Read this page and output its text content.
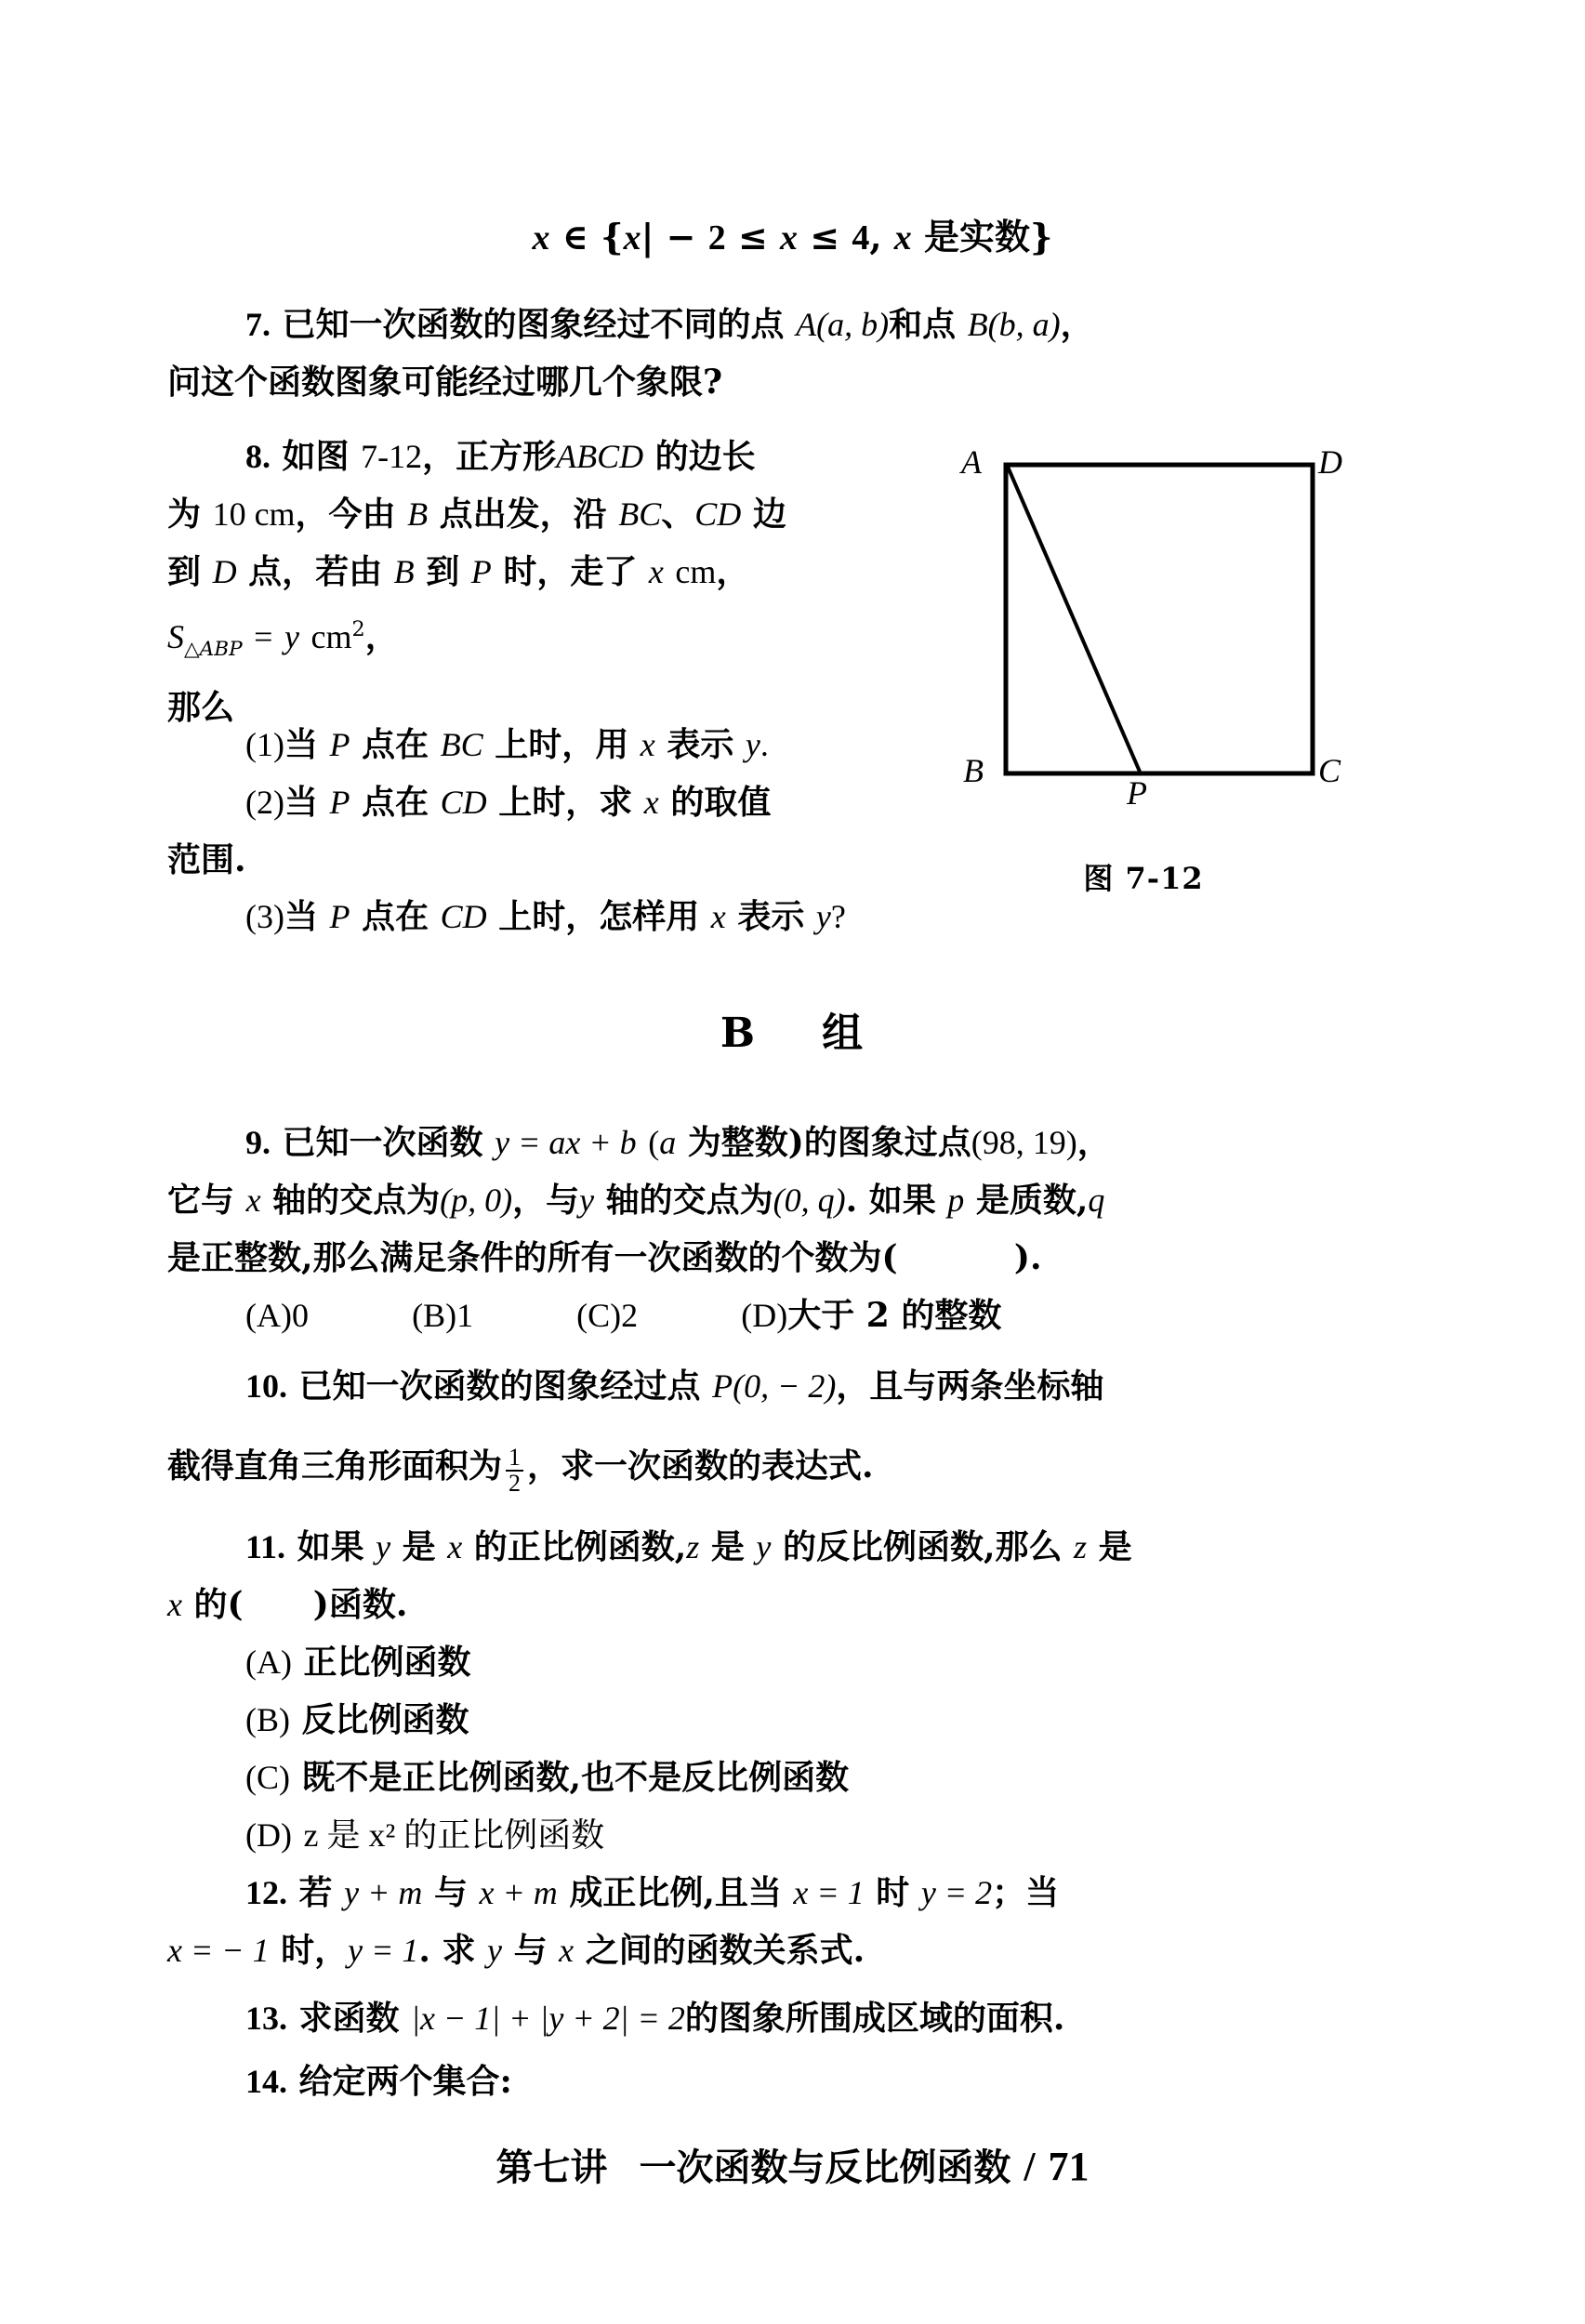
x ∈ {x| − 2 ≤ x ≤ 4, x 是实数}
7. 已知一次函数的图象经过不同的点 A(a, b)和点 B(b, a)，
问这个函数图象可能经过哪几个象限?
8. 如图 7-12，正方形ABCD 的边长
为 10 cm，今由 B 点出发，沿 BC、CD 边
到 D 点，若由 B 到 P 时，走了 x cm，
$S_{\triangle ABP} = y$ $cm^2$，
那么
(1)当 P 点在 BC 上时，用 x 表示 y.
(2)当 P 点在 CD 上时，求 x 的取值
范围.
(3)当 P 点在 CD 上时，怎样用 x 表示 y?
A	D
B	C
P
图 7-12
B 组
9. 已知一次函数 y = ax + b (a 为整数)的图象过点(98, 19)，
它与 x 轴的交点为(p, 0)，与y 轴的交点为(0, q). 如果 p 是质数,q
是正整数,那么满足条件的所有一次函数的个数为(	).
(A)0	(B)1	(C)2	(D)大于 2 的整数
10. 已知一次函数的图象经过点 P(0, − 2)，且与两条坐标轴
截得直角三角形面积为 $\frac{1}{2}$ ，求一次函数的表达式.
11. 如果 y 是 x 的正比例函数,z 是 y 的反比例函数,那么 z 是
x 的( )函数.
(A) 正比例函数
(B) 反比例函数
(C) 既不是正比例函数,也不是反比例函数
(D) z 是 x² 的正比例函数
12. 若 y + m 与 x + m 成正比例,且当 x = 1 时 y = 2；当
x = − 1 时，y = 1. 求 y 与 x 之间的函数关系式.
13. 求函数 |x − 1| + |y + 2| = 2的图象所围成区域的面积.
14. 给定两个集合:
第七讲 一次函数与反比例函数 / 71
